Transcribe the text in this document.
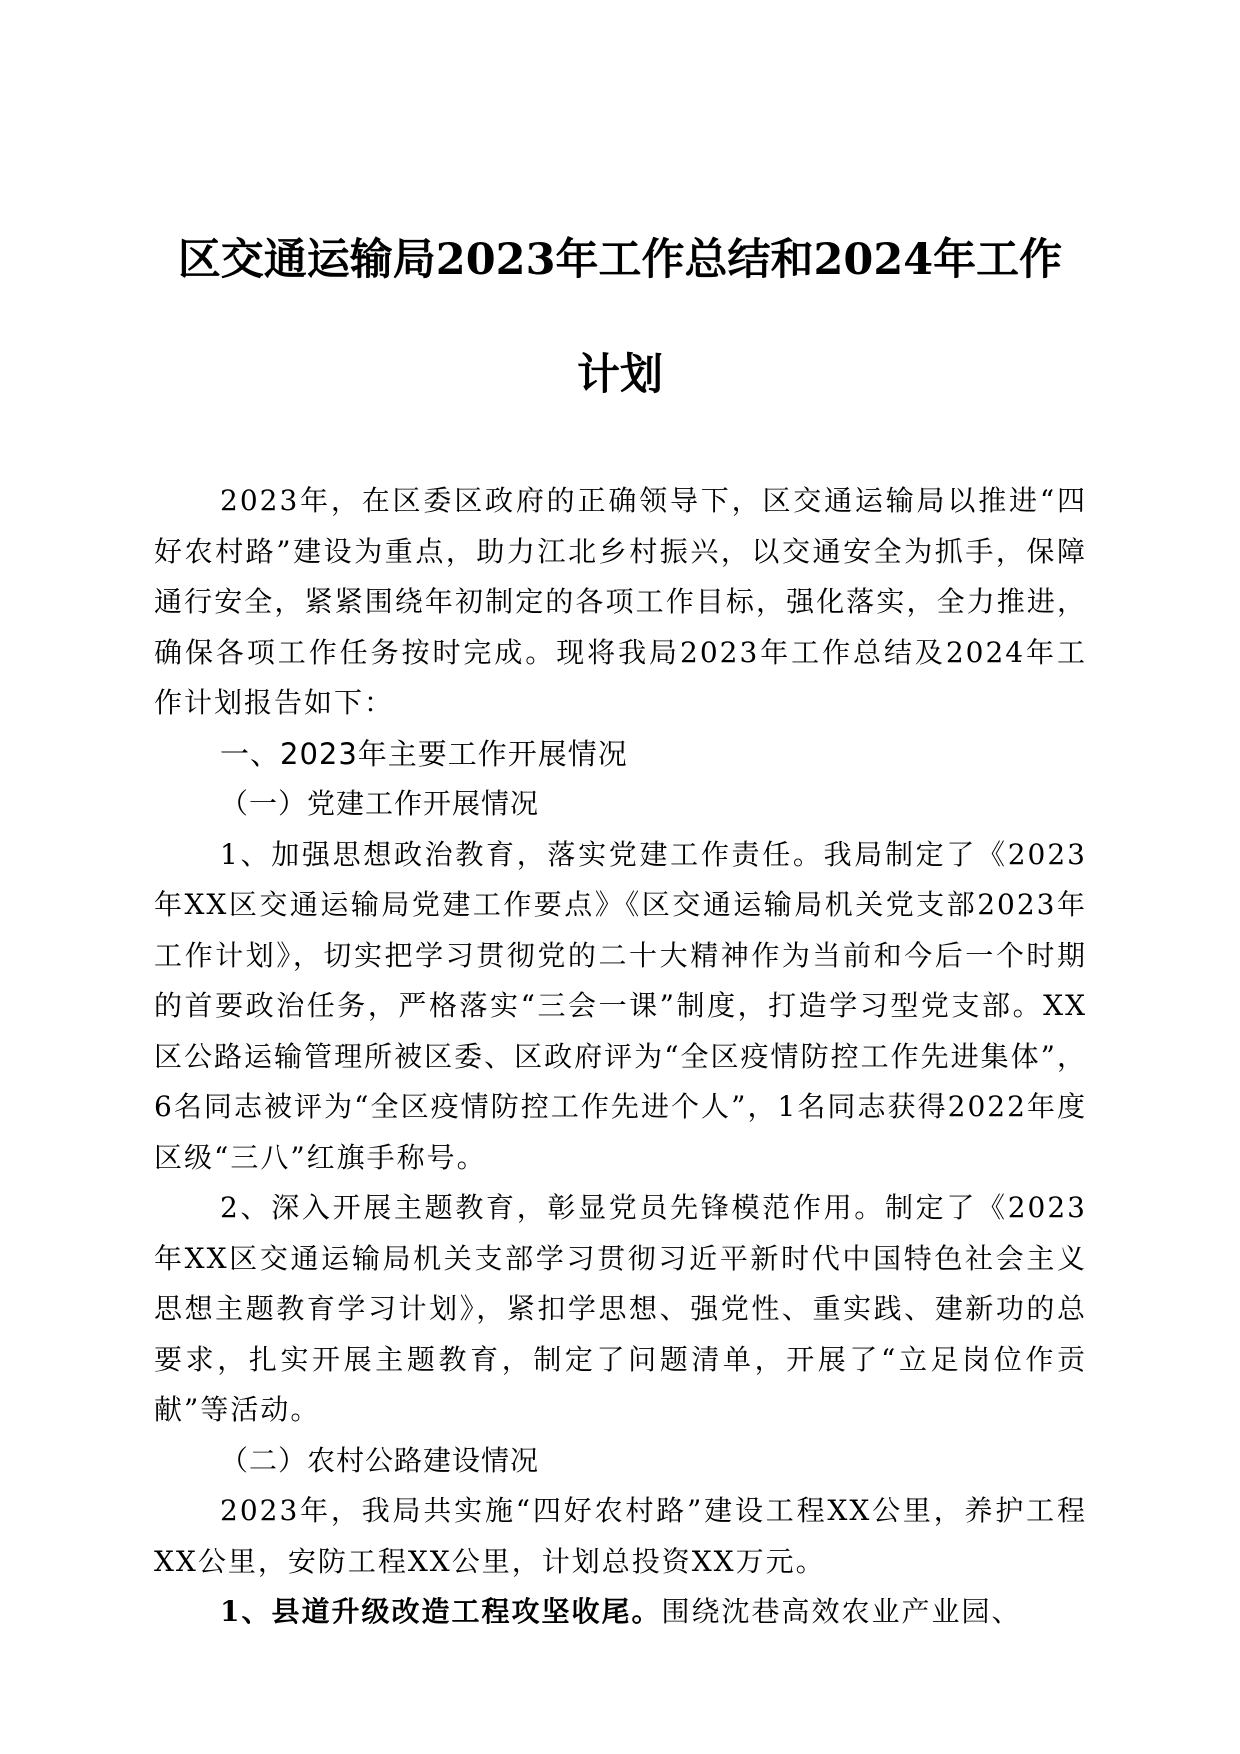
区交通运输局2023年工作总结和2024年工作
计划

2023年，在区委区政府的正确领导下，区交通运输局以推进“四好农村路”建设为重点，助力江北乡村振兴，以交通安全为抓手，保障通行安全，紧紧围绕年初制定的各项工作目标，强化落实，全力推进，确保各项工作任务按时完成。现将我局2023年工作总结及2024年工作计划报告如下：

一、2023年主要工作开展情况

（一）党建工作开展情况

1、加强思想政治教育，落实党建工作责任。我局制定了《2023年XX区交通运输局党建工作要点》《区交通运输局机关党支部2023年工作计划》，切实把学习贯彻党的二十大精神作为当前和今后一个时期的首要政治任务，严格落实“三会一课”制度，打造学习型党支部。XX区公路运输管理所被区委、区政府评为“全区疫情防控工作先进集体”，6名同志被评为“全区疫情防控工作先进个人”，1名同志获得2022年度区级“三八”红旗手称号。

2、深入开展主题教育，彰显党员先锋模范作用。制定了《2023年XX区交通运输局机关支部学习贯彻习近平新时代中国特色社会主义思想主题教育学习计划》，紧扣学思想、强党性、重实践、建新功的总要求，扎实开展主题教育，制定了问题清单，开展了“立足岗位作贡献”等活动。

（二）农村公路建设情况

2023年，我局共实施“四好农村路”建设工程XX公里，养护工程XX公里，安防工程XX公里，计划总投资XX万元。

1、县道升级改造工程攻坚收尾。围绕沈巷高效农业产业园、
